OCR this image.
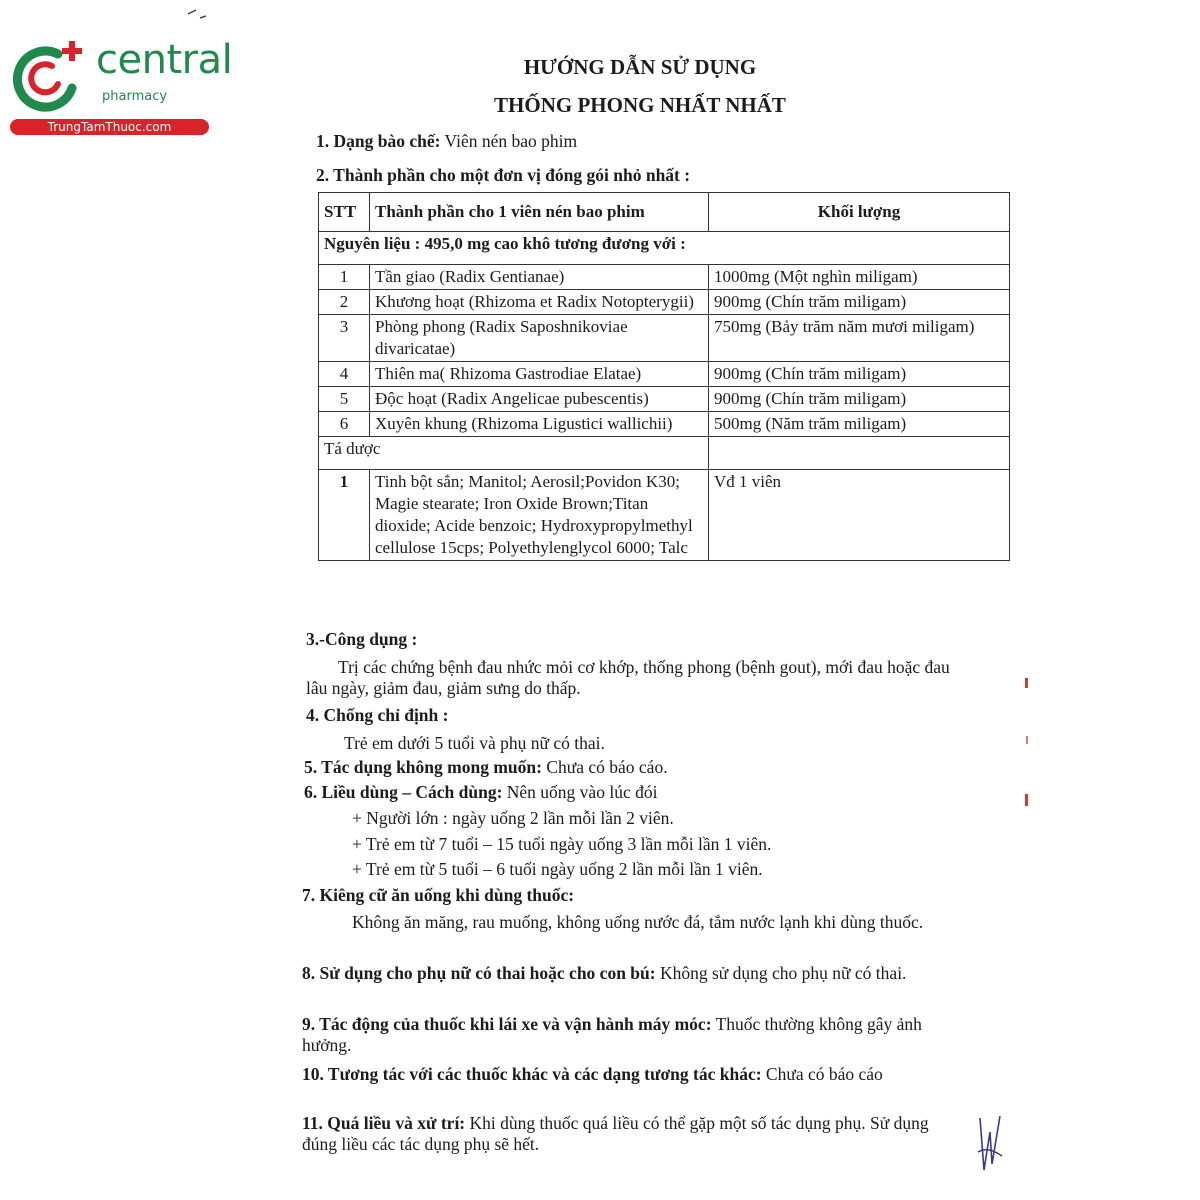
central
pharmacy
TrungTamThuoc.com
HƯỚNG DẪN SỬ DỤNG
THỐNG PHONG NHẤT NHẤT
1. Dạng bào chế: Viên nén bao phim
2. Thành phần cho một đơn vị đóng gói nhỏ nhất :
STT	Thành phần cho 1 viên nén bao phim	Khối lượng
Nguyên liệu : 495,0 mg cao khô tương đương với :		
1	Tần giao (Radix Gentianae)	1000mg (Một nghìn miligam)
2	Khương hoạt (Rhizoma et Radix Notopterygii)	900mg (Chín trăm miligam)
3	Phòng phong (Radix Saposhnikoviae divaricatae)	750mg (Bảy trăm năm mươi miligam)
4	Thiên ma( Rhizoma Gastrodiae Elatae)	900mg (Chín trăm miligam)
5	Độc hoạt (Radix Angelicae pubescentis)	900mg (Chín trăm miligam)
6	Xuyên khung (Rhizoma Ligustici wallichii)	500mg (Năm trăm miligam)
Tá dược		
1	Tinh bột sắn; Manitol; Aerosil;Povidon K30; Magie stearate; Iron Oxide Brown;Titan dioxide; Acide benzoic; Hydroxypropylmethyl cellulose 15cps; Polyethylenglycol 6000; Talc	Vđ 1 viên
3.-Công dụng :
Trị các chứng bệnh đau nhức mỏi cơ khớp, thống phong (bệnh gout), mới đau hoặc đau lâu ngày, giảm đau, giảm sưng do thấp.
4. Chống chỉ định :
Trẻ em dưới 5 tuổi và phụ nữ có thai.
5. Tác dụng không mong muốn: Chưa có báo cáo.
6. Liều dùng – Cách dùng: Nên uống vào lúc đói
+ Người lớn : ngày uống 2 lần mỗi lần 2 viên.
+ Trẻ em từ 7 tuổi – 15 tuổi ngày uống 3 lần mỗi lần 1 viên.
+ Trẻ em từ 5 tuổi – 6 tuổi ngày uống 2 lần mỗi lần 1 viên.
7. Kiêng cữ ăn uống khi dùng thuốc:
Không ăn măng, rau muống, không uống nước đá, tắm nước lạnh khi dùng thuốc.
8. Sử dụng cho phụ nữ có thai hoặc cho con bú: Không sử dụng cho phụ nữ có thai.
9. Tác động của thuốc khi lái xe và vận hành máy móc: Thuốc thường không gây ảnh hưởng.
10. Tương tác với các thuốc khác và các dạng tương tác khác: Chưa có báo cáo
11. Quá liều và xử trí: Khi dùng thuốc quá liều có thể gặp một số tác dụng phụ. Sử dụng đúng liều các tác dụng phụ sẽ hết.
